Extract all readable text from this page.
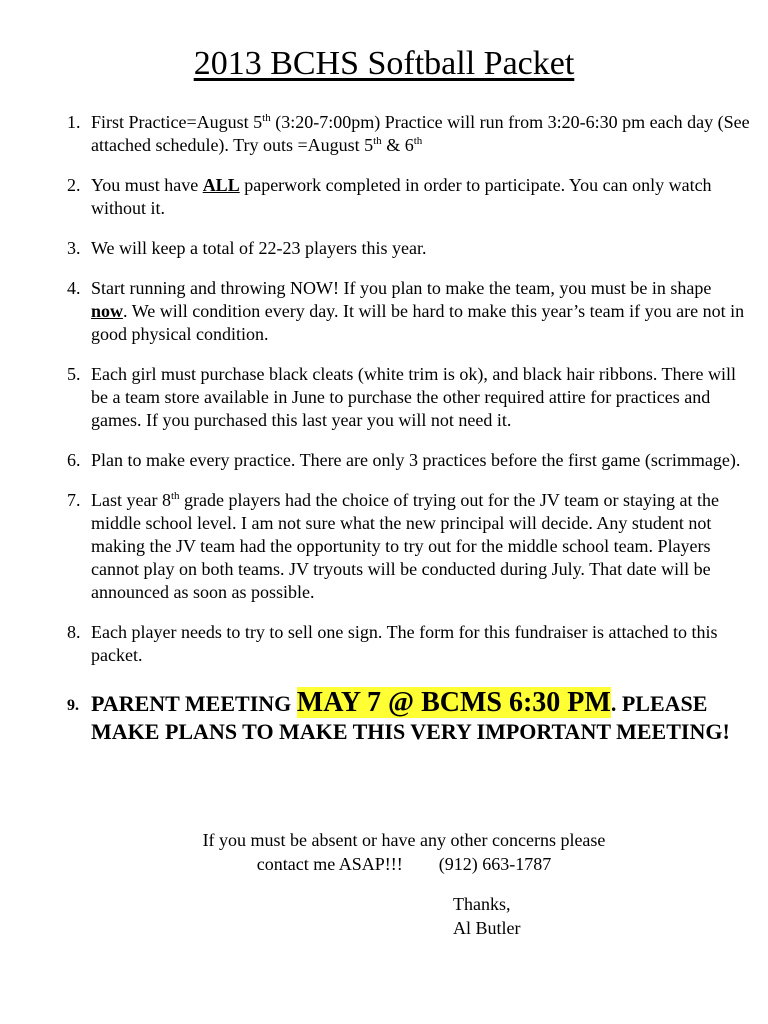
2013 BCHS Softball Packet
1. First Practice=August 5th (3:20-7:00pm) Practice will run from 3:20-6:30 pm each day (See attached schedule). Try outs =August 5th & 6th
2. You must have ALL paperwork completed in order to participate. You can only watch without it.
3. We will keep a total of 22-23 players this year.
4. Start running and throwing NOW! If you plan to make the team, you must be in shape now. We will condition every day. It will be hard to make this year’s team if you are not in good physical condition.
5. Each girl must purchase black cleats (white trim is ok), and black hair ribbons. There will be a team store available in June to purchase the other required attire for practices and games. If you purchased this last year you will not need it.
6. Plan to make every practice. There are only 3 practices before the first game (scrimmage).
7. Last year 8th grade players had the choice of trying out for the JV team or staying at the middle school level. I am not sure what the new principal will decide. Any student not making the JV team had the opportunity to try out for the middle school team. Players cannot play on both teams. JV tryouts will be conducted during July. That date will be announced as soon as possible.
8. Each player needs to try to sell one sign. The form for this fundraiser is attached to this packet.
9. PARENT MEETING MAY 7 @ BCMS 6:30 PM. PLEASE MAKE PLANS TO MAKE THIS VERY IMPORTANT MEETING!
If you must be absent or have any other concerns please
contact me ASAP!!!        (912) 663-1787
Thanks,
Al Butler
